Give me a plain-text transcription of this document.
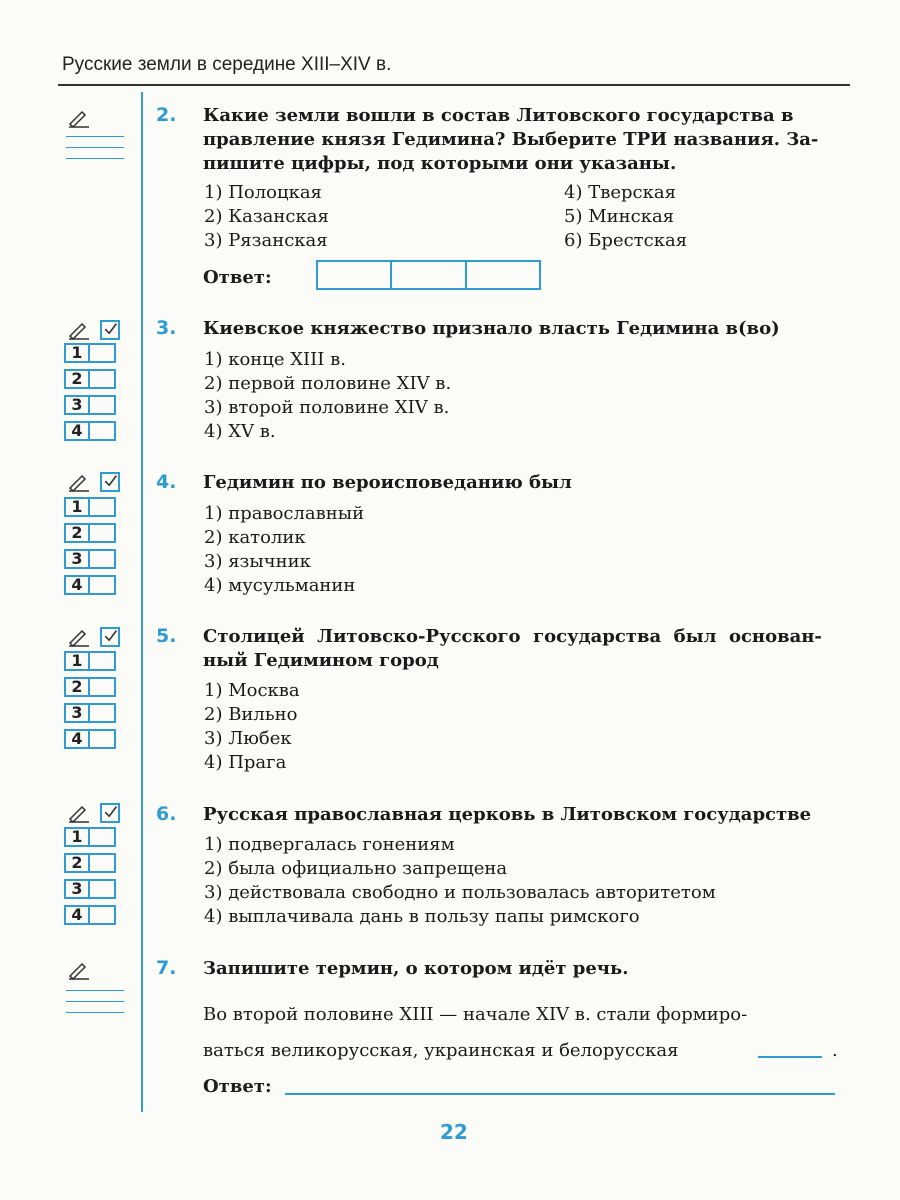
Русские земли в середине XIII–XIV в.
2. Какие земли вошли в состав Литовского государства в
правление князя Гедимина? Выберите ТРИ названия. За-
пишите цифры, под которыми они указаны.
1) Полоцкая
2) Казанская
3) Рязанская
4) Тверская
5) Минская
6) Брестская
Ответ:
1
2
3
4
3. Киевское княжество признало власть Гедимина в(во)
1) конце XIII в.
2) первой половине XIV в.
3) второй половине XIV в.
4) XV в.
1
2
3
4
4. Гедимин по вероисповеданию был
1) православный
2) католик
3) язычник
4) мусульманин
1
2
3
4
5. Столицей  Литовско-Русского  государства  был  основан-
ный Гедимином город
1) Москва
2) Вильно
3) Любек
4) Прага
1
2
3
4
6. Русская православная церковь в Литовском государстве
1) подвергалась гонениям
2) была официально запрещена
3) действовала свободно и пользовалась авторитетом
4) выплачивала дань в пользу папы римского
7. Запишите термин, о котором идёт речь.
Во второй половине XIII — начале XIV в. стали формиро-
ваться великорусская, украинская и белорусская	.
Ответ:
22
